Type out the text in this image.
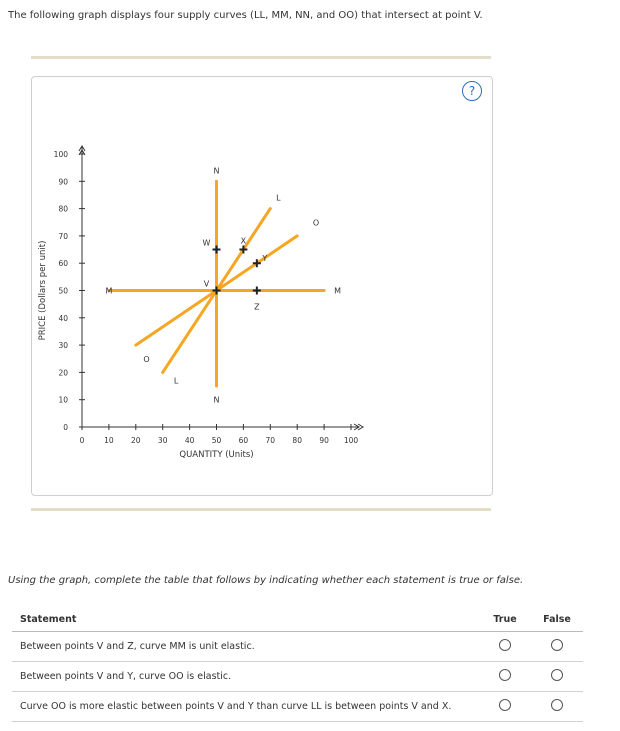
The following graph displays four supply curves (LL, MM, NN, and OO) that intersect at point V.
?
PRICE (Dollars per unit)
QUANTITY (Units)
0	10 20 30 40 50 60 70 80 90 100
0
10
20
30
40
50
60
70
80
90
100
L
L
M	M
N
N
O
O
V
W	X
Y
Z
Using the graph, complete the table that follows by indicating whether each statement is true or false.
Statement	True	False
Between points V and Z, curve MM is unit elastic.		
Between points V and Y, curve OO is elastic.		
Curve OO is more elastic between points V and Y than curve LL is between points V and X.		
